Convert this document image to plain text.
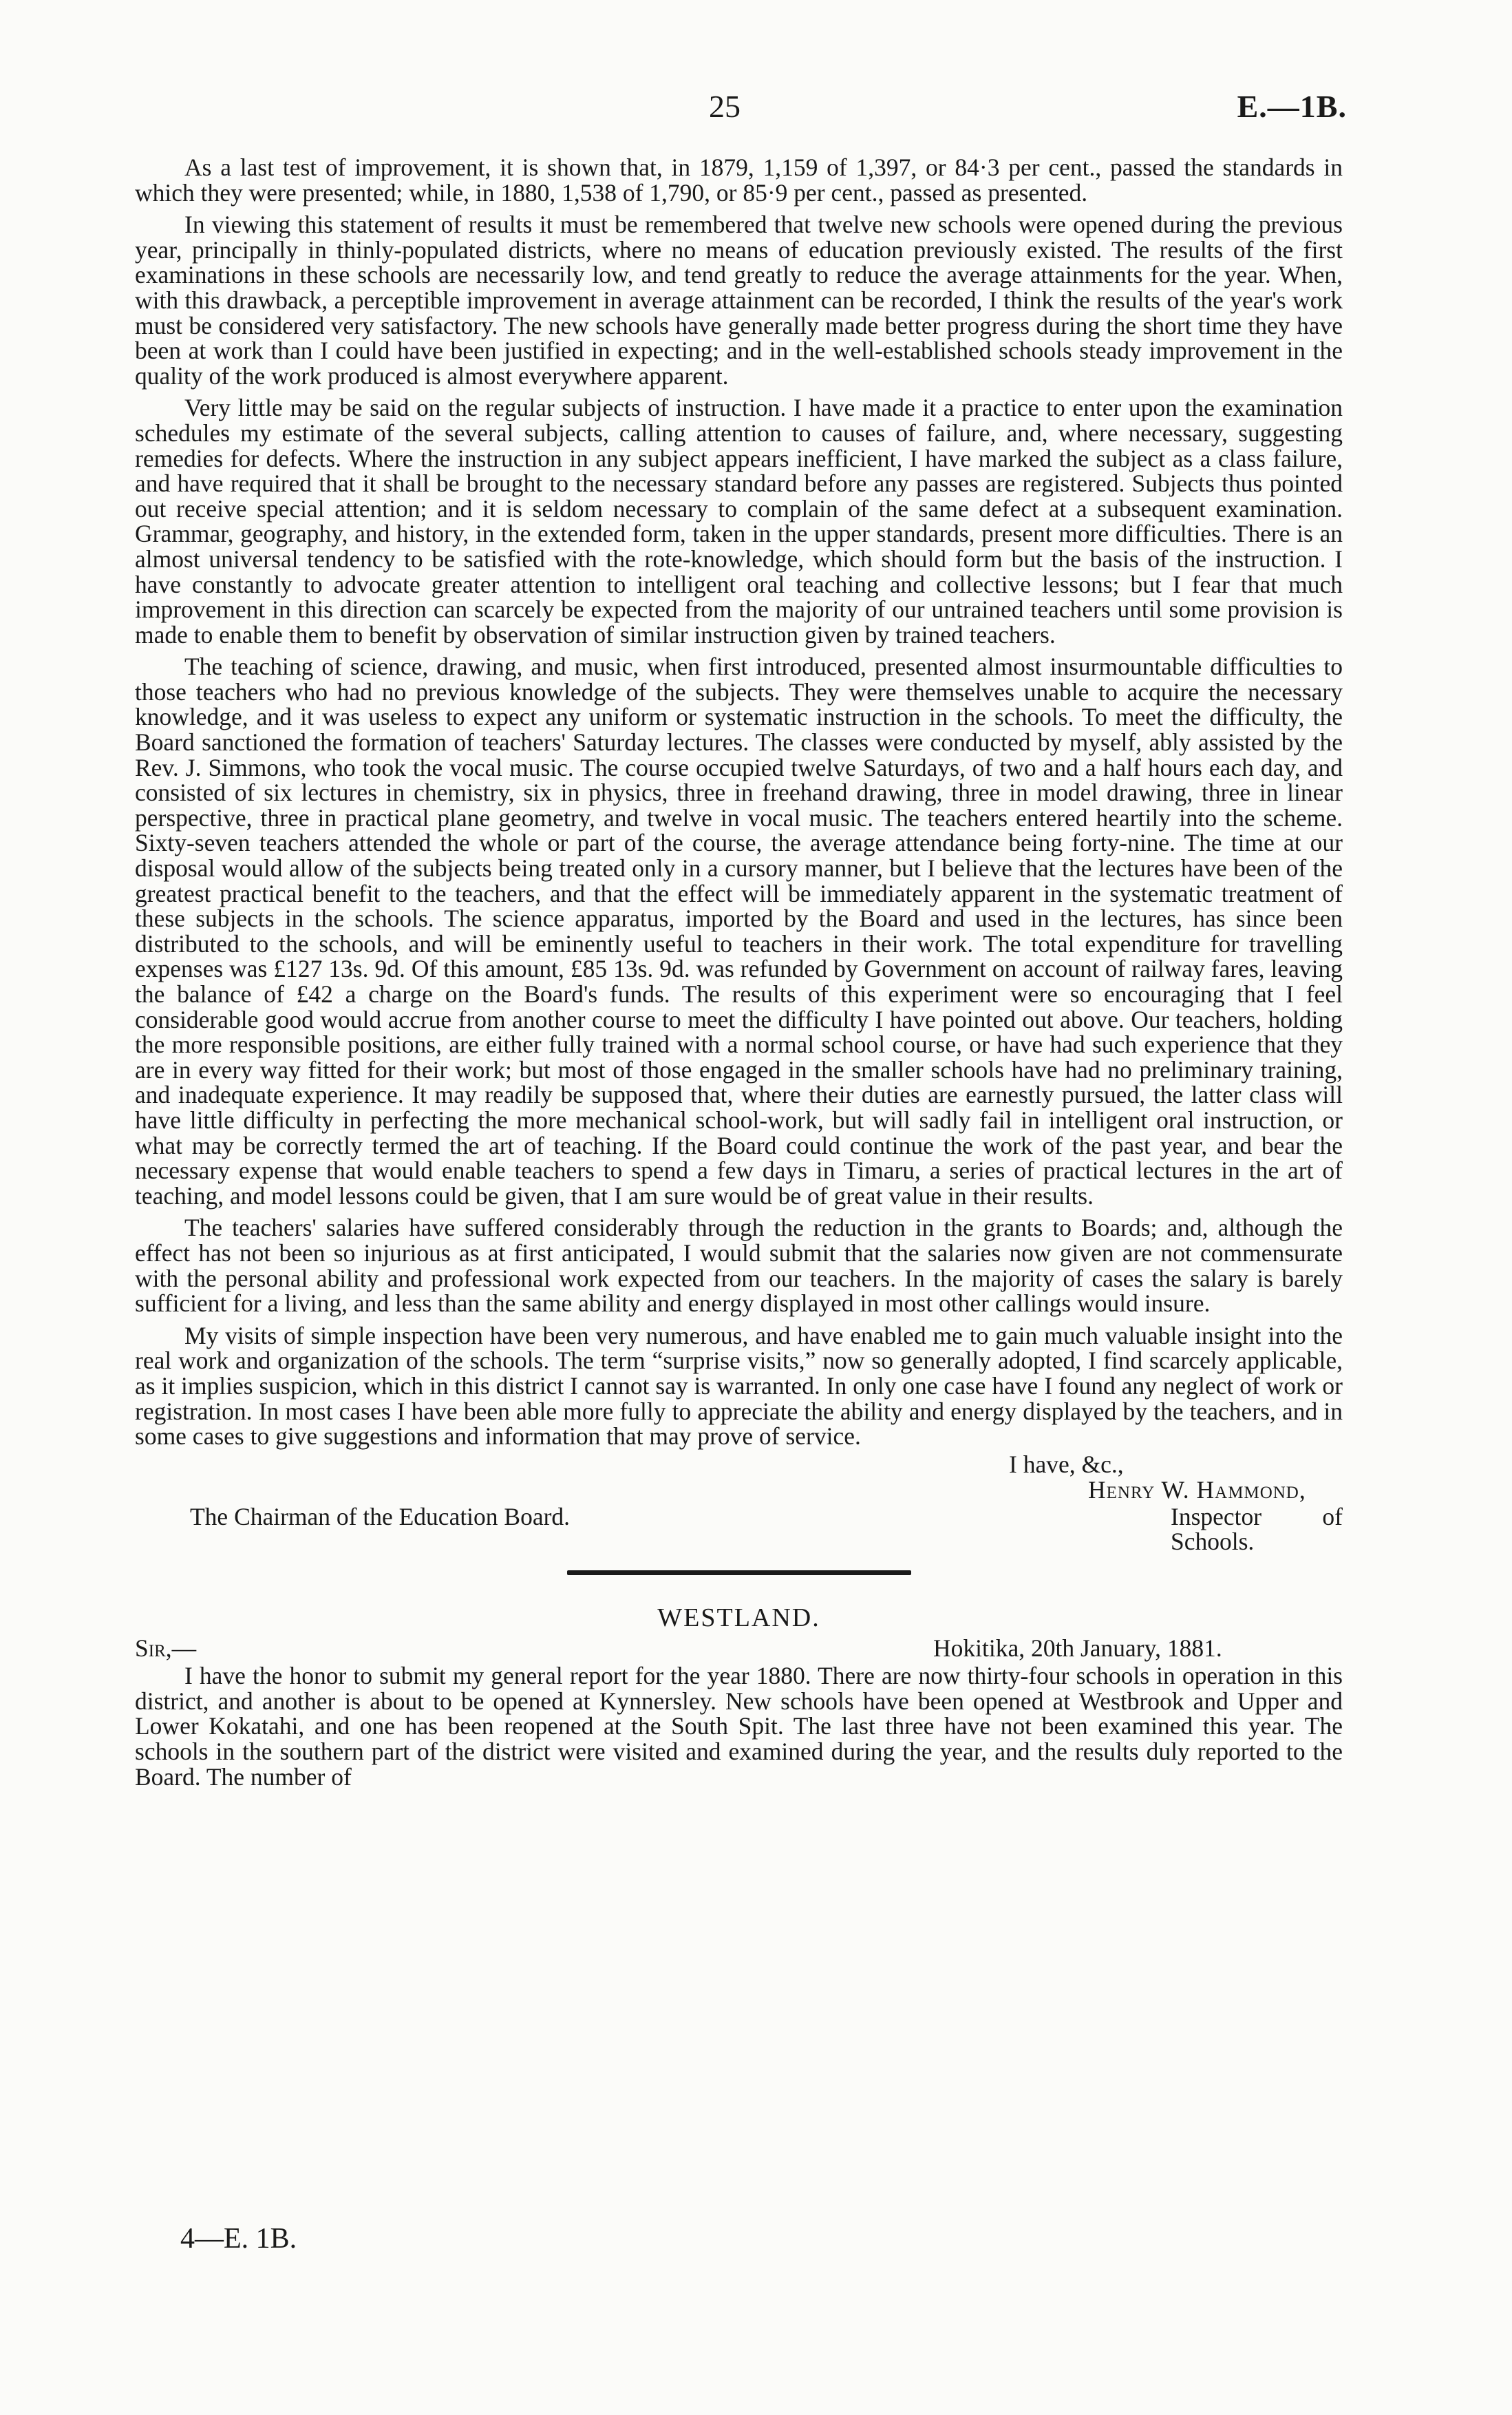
25	E.—1B.

As a last test of improvement, it is shown that, in 1879, 1,159 of 1,397, or 84·3 per cent., passed the standards in which they were presented; while, in 1880, 1,538 of 1,790, or 85·9 per cent., passed as presented.

In viewing this statement of results it must be remembered that twelve new schools were opened during the previous year, principally in thinly-populated districts, where no means of education previously existed. The results of the first examinations in these schools are necessarily low, and tend greatly to reduce the average attainments for the year. When, with this drawback, a perceptible improvement in average attainment can be recorded, I think the results of the year's work must be considered very satisfactory. The new schools have generally made better progress during the short time they have been at work than I could have been justified in expecting; and in the well-established schools steady improvement in the quality of the work produced is almost everywhere apparent.

Very little may be said on the regular subjects of instruction. I have made it a practice to enter upon the examination schedules my estimate of the several subjects, calling attention to causes of failure, and, where necessary, suggesting remedies for defects. Where the instruction in any subject appears inefficient, I have marked the subject as a class failure, and have required that it shall be brought to the necessary standard before any passes are registered. Subjects thus pointed out receive special attention; and it is seldom necessary to complain of the same defect at a subsequent examination. Grammar, geography, and history, in the extended form, taken in the upper standards, present more difficulties. There is an almost universal tendency to be satisfied with the rote-knowledge, which should form but the basis of the instruction. I have constantly to advocate greater attention to intelligent oral teaching and collective lessons; but I fear that much improvement in this direction can scarcely be expected from the majority of our untrained teachers until some provision is made to enable them to benefit by observation of similar instruction given by trained teachers.

The teaching of science, drawing, and music, when first introduced, presented almost insurmountable difficulties to those teachers who had no previous knowledge of the subjects. They were themselves unable to acquire the necessary knowledge, and it was useless to expect any uniform or systematic instruction in the schools. To meet the difficulty, the Board sanctioned the formation of teachers' Saturday lectures. The classes were conducted by myself, ably assisted by the Rev. J. Simmons, who took the vocal music. The course occupied twelve Saturdays, of two and a half hours each day, and consisted of six lectures in chemistry, six in physics, three in freehand drawing, three in model drawing, three in linear perspective, three in practical plane geometry, and twelve in vocal music. The teachers entered heartily into the scheme. Sixty-seven teachers attended the whole or part of the course, the average attendance being forty-nine. The time at our disposal would allow of the subjects being treated only in a cursory manner, but I believe that the lectures have been of the greatest practical benefit to the teachers, and that the effect will be immediately apparent in the systematic treatment of these subjects in the schools. The science apparatus, imported by the Board and used in the lectures, has since been distributed to the schools, and will be eminently useful to teachers in their work. The total expenditure for travelling expenses was £127 13s. 9d. Of this amount, £85 13s. 9d. was refunded by Government on account of railway fares, leaving the balance of £42 a charge on the Board's funds. The results of this experiment were so encouraging that I feel considerable good would accrue from another course to meet the difficulty I have pointed out above. Our teachers, holding the more responsible positions, are either fully trained with a normal school course, or have had such experience that they are in every way fitted for their work; but most of those engaged in the smaller schools have had no preliminary training, and inadequate experience. It may readily be supposed that, where their duties are earnestly pursued, the latter class will have little difficulty in perfecting the more mechanical school-work, but will sadly fail in intelligent oral instruction, or what may be correctly termed the art of teaching. If the Board could continue the work of the past year, and bear the necessary expense that would enable teachers to spend a few days in Timaru, a series of practical lectures in the art of teaching, and model lessons could be given, that I am sure would be of great value in their results.

The teachers' salaries have suffered considerably through the reduction in the grants to Boards; and, although the effect has not been so injurious as at first anticipated, I would submit that the salaries now given are not commensurate with the personal ability and professional work expected from our teachers. In the majority of cases the salary is barely sufficient for a living, and less than the same ability and energy displayed in most other callings would insure.

My visits of simple inspection have been very numerous, and have enabled me to gain much valuable insight into the real work and organization of the schools. The term “surprise visits,” now so generally adopted, I find scarcely applicable, as it implies suspicion, which in this district I cannot say is warranted. In only one case have I found any neglect of work or registration. In most cases I have been able more fully to appreciate the ability and energy displayed by the teachers, and in some cases to give suggestions and information that may prove of service.

I have, &c.,
Henry W. Hammond,
The Chairman of the Education Board.	Inspector of Schools.
WESTLAND.
Sir,—	Hokitika, 20th January, 1881.

I have the honor to submit my general report for the year 1880. There are now thirty-four schools in operation in this district, and another is about to be opened at Kynnersley. New schools have been opened at Westbrook and Upper and Lower Kokatahi, and one has been reopened at the South Spit. The last three have not been examined this year. The schools in the southern part of the district were visited and examined during the year, and the results duly reported to the Board. The number of

4—E. 1B.
